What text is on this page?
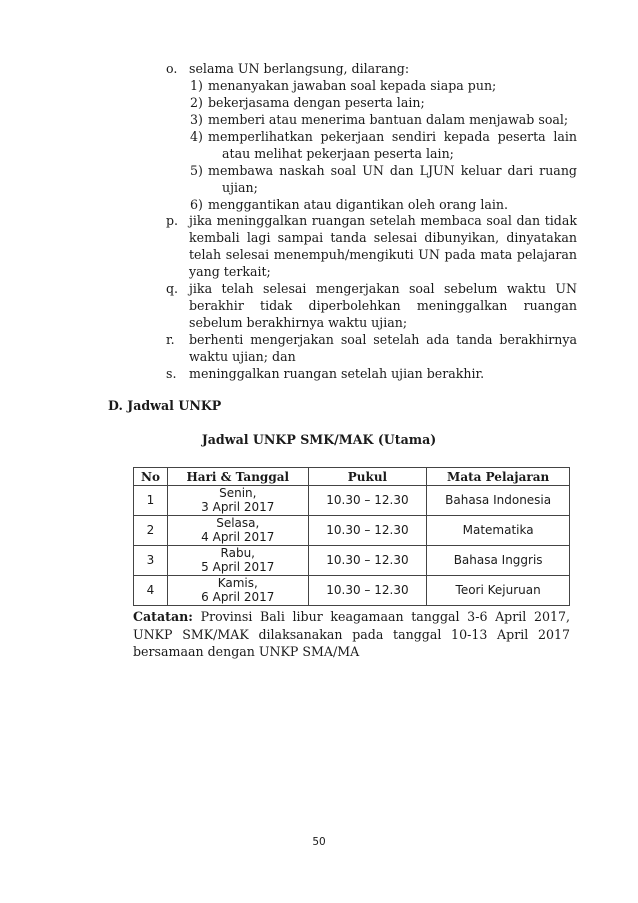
o. selama UN berlangsung, dilarang:
1) menanyakan jawaban soal kepada siapa pun;
2) bekerjasama dengan peserta lain;
3) memberi atau menerima bantuan dalam menjawab soal;
4) memperlihatkan pekerjaan sendiri kepada peserta lain
atau melihat pekerjaan peserta lain;
5) membawa naskah soal UN dan LJUN keluar dari ruang
ujian;
6) menggantikan atau digantikan oleh orang lain.
p. jika meninggalkan ruangan setelah membaca soal dan tidak
kembali lagi sampai tanda selesai dibunyikan, dinyatakan
telah selesai menempuh/mengikuti UN pada mata pelajaran
yang terkait;
q. jika telah selesai mengerjakan soal sebelum waktu UN
berakhir tidak diperbolehkan meninggalkan ruangan
sebelum berakhirnya waktu ujian;
r. berhenti mengerjakan soal setelah ada tanda berakhirnya
waktu ujian; dan
s. meninggalkan ruangan setelah ujian berakhir.
D. Jadwal UNKP
Jadwal UNKP SMK/MAK (Utama)
No	Hari & Tanggal	Pukul	Mata Pelajaran
1	Senin,
3 April 2017	10.30 – 12.30	Bahasa Indonesia
2	Selasa,
4 April 2017	10.30 – 12.30	Matematika
3	Rabu,
5 April 2017	10.30 – 12.30	Bahasa Inggris
4	Kamis,
6 April 2017	10.30 – 12.30	Teori Kejuruan
Catatan: Provinsi Bali libur keagamaan tanggal 3-6 April 2017, UNKP SMK/MAK dilaksanakan pada tanggal 10-13 April 2017 bersamaan dengan UNKP SMA/MA
50
